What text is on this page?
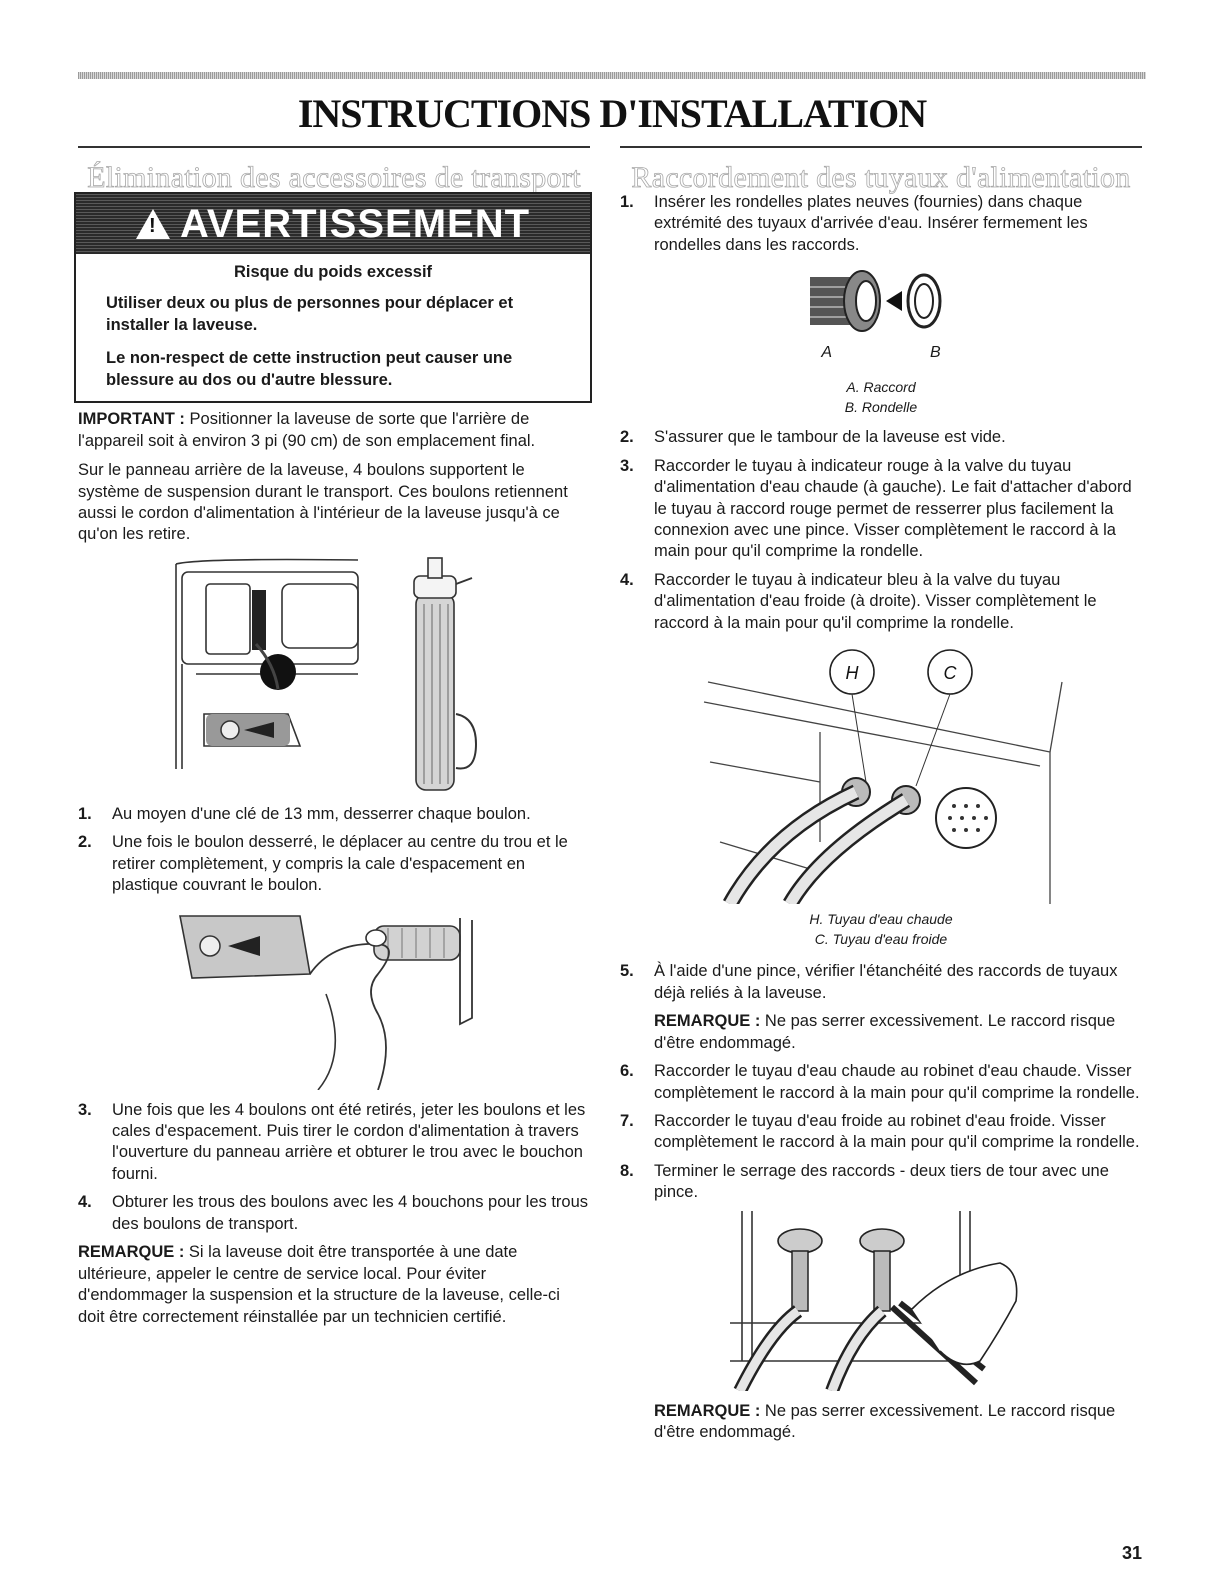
INSTRUCTIONS D'INSTALLATION
Élimination des accessoires de transport	Raccordement des tuyaux d'alimentation
! AVERTISSEMENT
Risque du poids excessif

Utiliser deux ou plus de personnes pour déplacer et installer la laveuse.

Le non-respect de cette instruction peut causer une blessure au dos ou d'autre blessure.

IMPORTANT : Positionner la laveuse de sorte que l'arrière de l'appareil soit à environ 3 pi (90 cm) de son emplacement final.

Sur le panneau arrière de la laveuse, 4 boulons supportent le système de suspension durant le transport. Ces boulons retiennent aussi le cordon d'alimentation à l'intérieur de la laveuse jusqu'à ce qu'on les retire.

1. Au moyen d'une clé de 13 mm, desserrer chaque boulon.
2. Une fois le boulon desserré, le déplacer au centre du trou et le retirer complètement, y compris la cale d'espacement en plastique couvrant le boulon.
3. Une fois que les 4 boulons ont été retirés, jeter les boulons et les cales d'espacement. Puis tirer le cordon d'alimentation à travers l'ouverture du panneau arrière et obturer le trou avec le bouchon fourni.
4. Obturer les trous des boulons avec les 4 bouchons pour les trous des boulons de transport.

REMARQUE : Si la laveuse doit être transportée à une date ultérieure, appeler le centre de service local. Pour éviter d'endommager la suspension et la structure de la laveuse, celle-ci doit être correctement réinstallée par un technicien certifié.

1. Insérer les rondelles plates neuves (fournies) dans chaque extrémité des tuyaux d'arrivée d'eau. Insérer fermement les rondelles dans les raccords.
A	B
A. Raccord
B. Rondelle
2. S'assurer que le tambour de la laveuse est vide.
3. Raccorder le tuyau à indicateur rouge à la valve du tuyau d'alimentation d'eau chaude (à gauche). Le fait d'attacher d'abord le tuyau à raccord rouge permet de resserrer plus facilement la connexion avec une pince. Visser complètement le raccord à la main pour qu'il comprime la rondelle.
4. Raccorder le tuyau à indicateur bleu à la valve du tuyau d'alimentation d'eau froide (à droite). Visser complètement le raccord à la main pour qu'il comprime la rondelle.
H	C
H. Tuyau d'eau chaude
C. Tuyau d'eau froide
5. À l'aide d'une pince, vérifier l'étanchéité des raccords de tuyaux déjà reliés à la laveuse.

REMARQUE : Ne pas serrer excessivement. Le raccord risque d'être endommagé.

6. Raccorder le tuyau d'eau chaude au robinet d'eau chaude. Visser complètement le raccord à la main pour qu'il comprime la rondelle.
7. Raccorder le tuyau d'eau froide au robinet d'eau froide. Visser complètement le raccord à la main pour qu'il comprime la rondelle.
8. Terminer le serrage des raccords - deux tiers de tour avec une pince.

REMARQUE : Ne pas serrer excessivement. Le raccord risque d'être endommagé.

31
